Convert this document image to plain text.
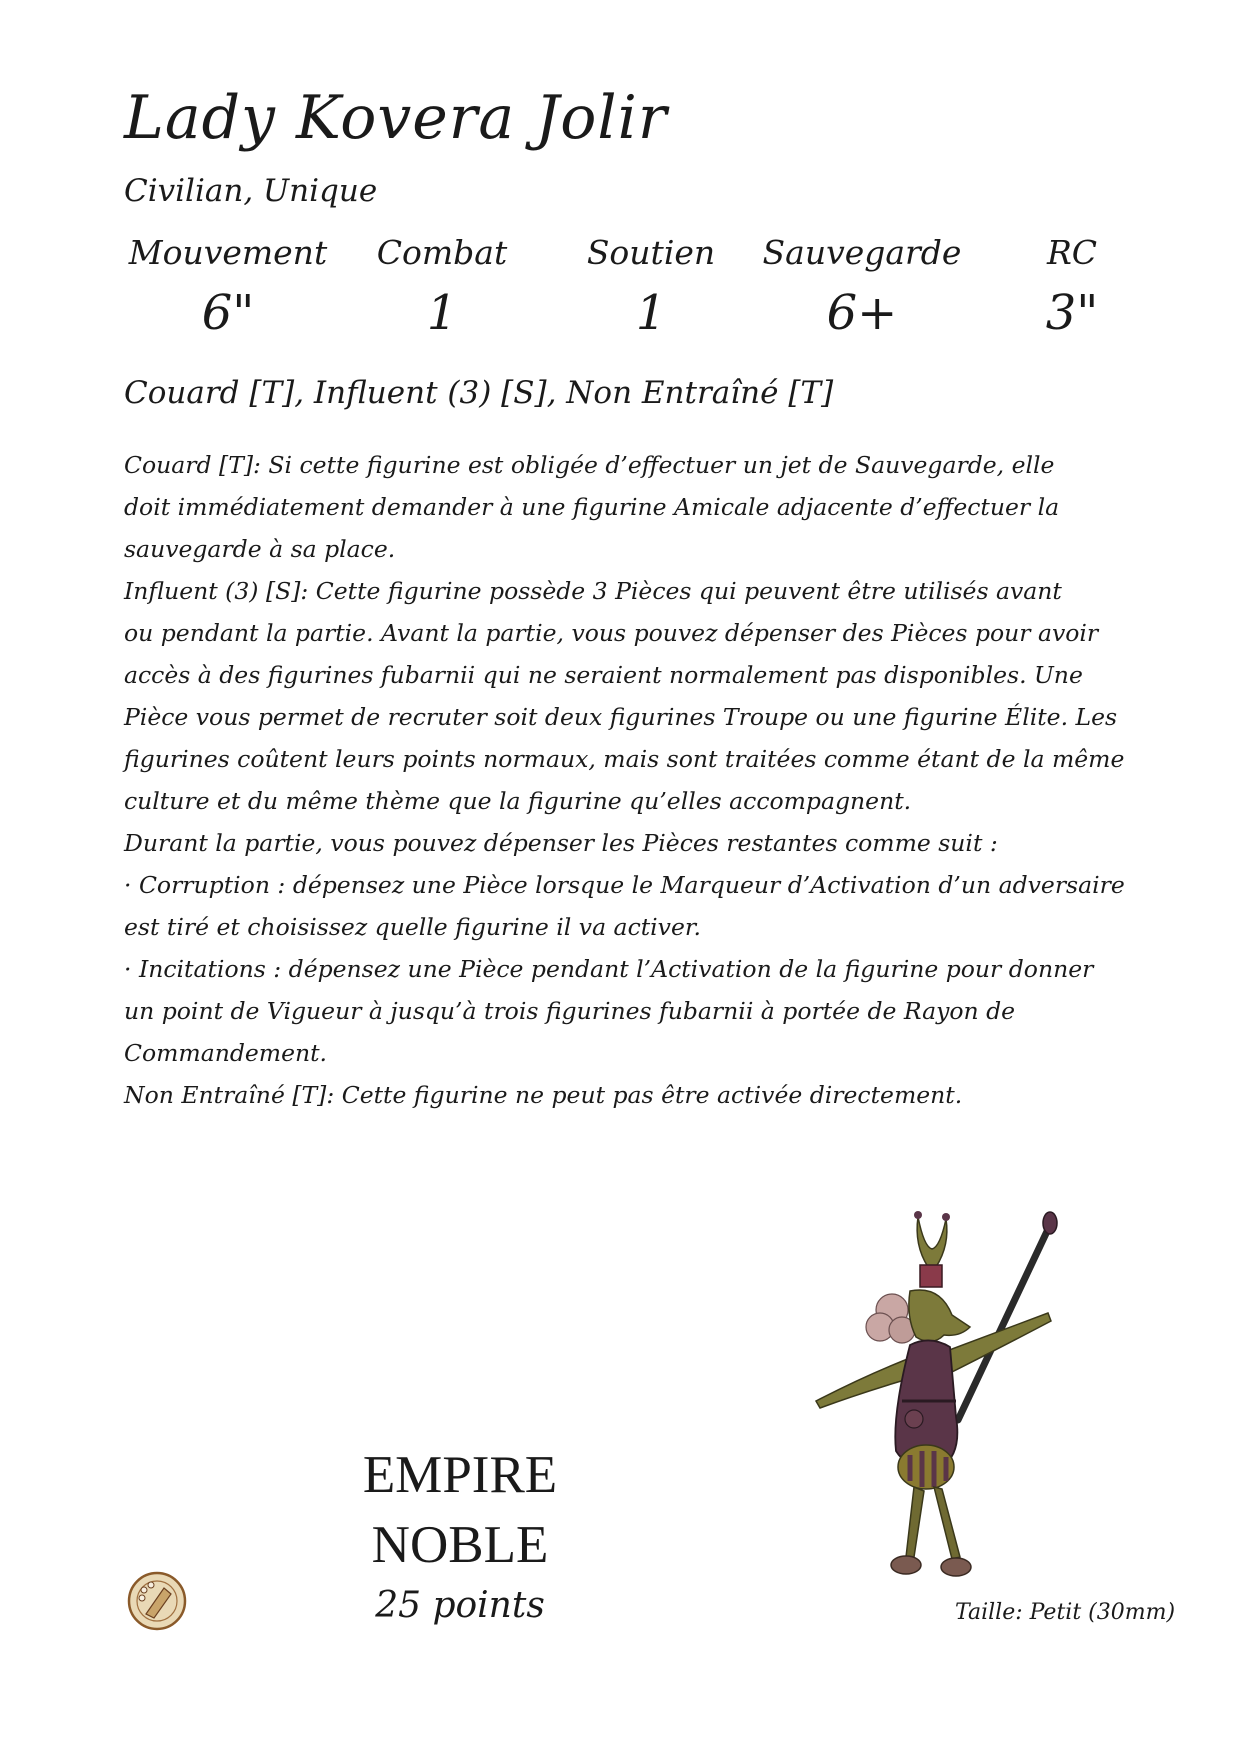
Lady Kovera Jolir
Civilian, Unique
Mouvement
6"
Combat
1
Soutien
1
Sauvegarde
6+
RC
3"
Couard [T], Influent (3) [S], Non Entraîné [T]
Couard [T]: Si cette figurine est obligée d’effectuer un jet de Sauvegarde, elle
doit immédiatement demander à une figurine Amicale adjacente d’effectuer la
sauvegarde à sa place.
Influent (3) [S]: Cette figurine possède 3 Pièces qui peuvent être utilisés avant
ou pendant la partie. Avant la partie, vous pouvez dépenser des Pièces pour avoir
accès à des figurines fubarnii qui ne seraient normalement pas disponibles. Une
Pièce vous permet de recruter soit deux figurines Troupe ou une figurine Élite. Les
figurines coûtent leurs points normaux, mais sont traitées comme étant de la même
culture et du même thème que la figurine qu’elles accompagnent.
Durant la partie, vous pouvez dépenser les Pièces restantes comme suit :
· Corruption : dépensez une Pièce lorsque le Marqueur d’Activation d’un adversaire
est tiré et choisissez quelle figurine il va activer.
· Incitations : dépensez une Pièce pendant l’Activation de la figurine pour donner
un point de Vigueur à jusqu’à trois figurines fubarnii à portée de Rayon de
Commandement.
Non Entraîné [T]: Cette figurine ne peut pas être activée directement.
EMPIRE
NOBLE
25 points	Taille: Petit (30mm)
